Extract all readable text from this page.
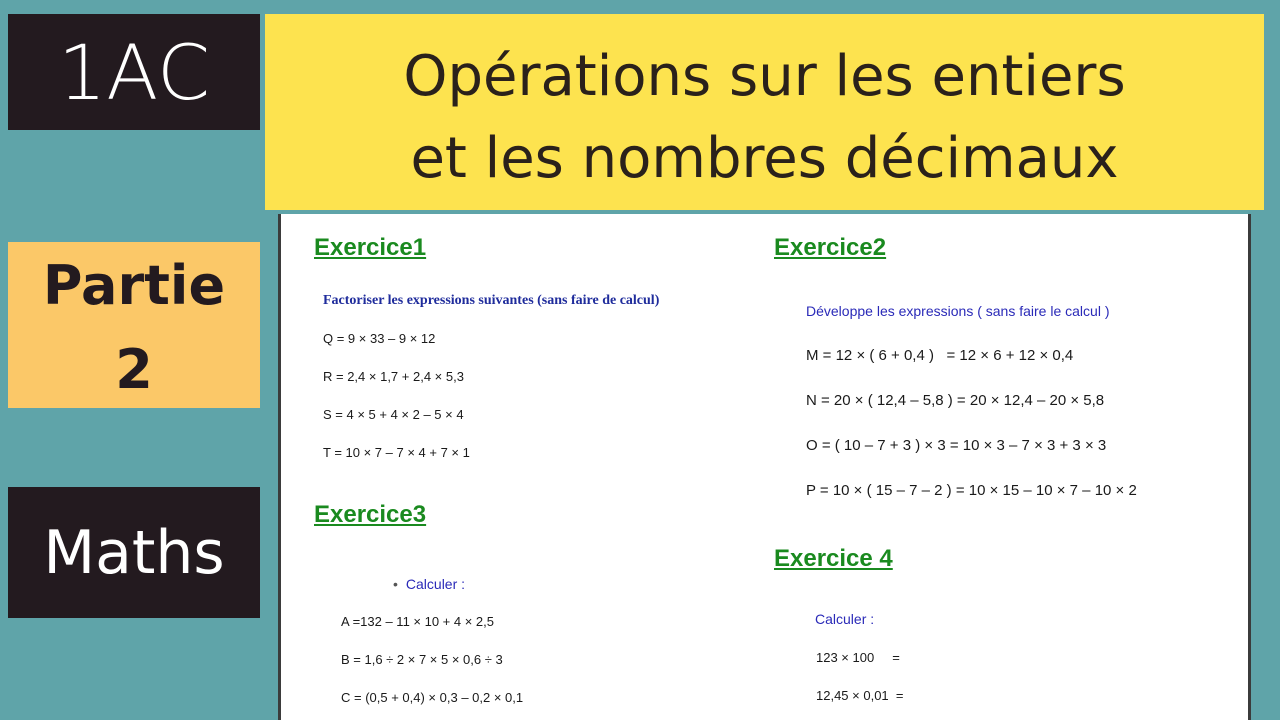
1AC	Opérations sur les entiers
et les nombres décimaux
Partie
2
Maths
Exercice1
Factoriser les expressions suivantes (sans faire de calcul)
Q = 9 × 33 – 9 × 12
R = 2,4 × 1,7 + 2,4 × 5,3
S = 4 × 5 + 4 × 2 – 5 × 4
T = 10 × 7 – 7 × 4 + 7 × 1
Exercice2
Développe les expressions ( sans faire le calcul )
M = 12 × ( 6 + 0,4 )   = 12 × 6 + 12 × 0,4
N = 20 × ( 12,4 – 5,8 ) = 20 × 12,4 – 20 × 5,8
O = ( 10 – 7 + 3 ) × 3 = 10 × 3 – 7 × 3 + 3 × 3
P = 10 × ( 15 – 7 – 2 ) = 10 × 15 – 10 × 7 – 10 × 2
Exercice3
• Calculer :
A =132 – 11 × 10 + 4 × 2,5
B = 1,6 ÷ 2 × 7 × 5 × 0,6 ÷ 3
C = (0,5 + 0,4) × 0,3 – 0,2 × 0,1
Exercice 4
Calculer :
123 × 100     =
12,45 × 0,01  =
